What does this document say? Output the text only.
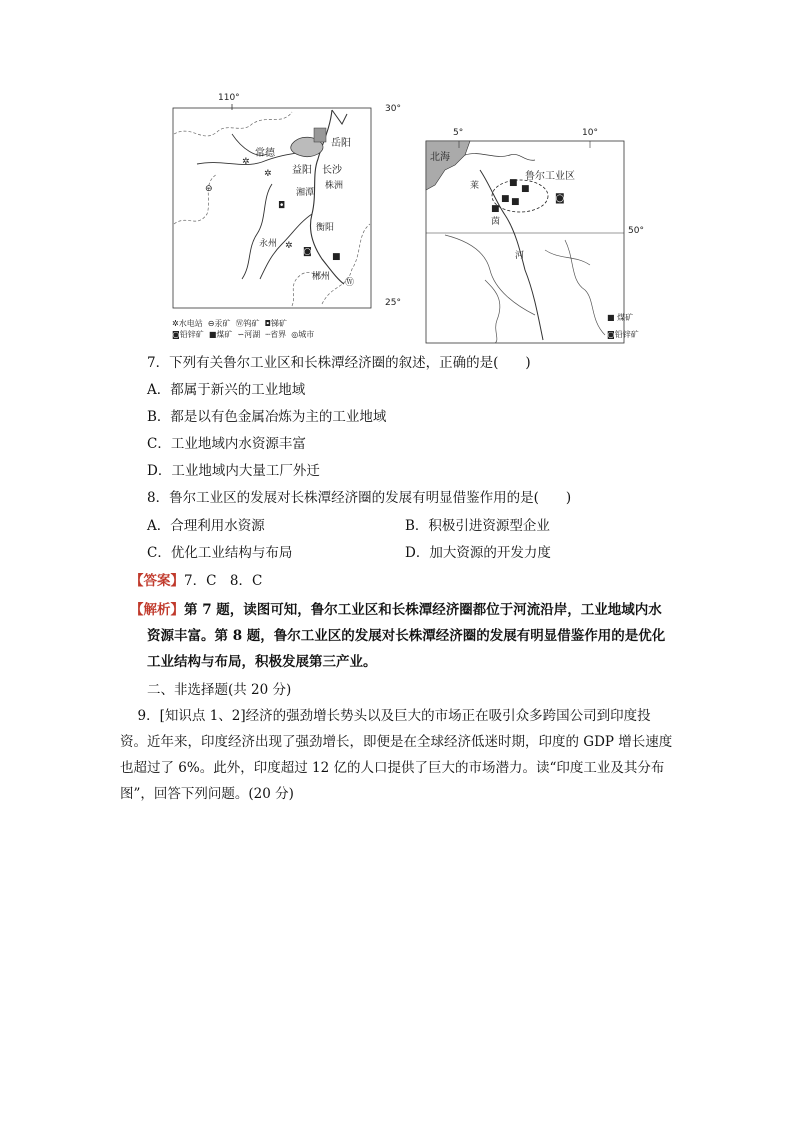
110°
30°
25°
岳阳
常德
益阳 长沙
株洲
湘潭
衡阳
永州
郴州
✲
✲
✲
⊖
◘
◙ ■
Ⓦ
✲水电站  ⊖汞矿  Ⓦ钨矿  ◘锑矿
◙铅锌矿  ■煤矿  ∽河湖  ┄省界  ◎城市
5°	10°
50°
北海
鲁尔工业区
莱
茵
河
■
■
■ ■
■
◙
■ 煤矿
◙铅锌矿
7．下列有关鲁尔工业区和长株潭经济圈的叙述，正确的是(　　)
A．都属于新兴的工业地域
B．都是以有色金属冶炼为主的工业地域
C．工业地域内水资源丰富
D．工业地域内大量工厂外迁
8．鲁尔工业区的发展对长株潭经济圈的发展有明显借鉴作用的是(　　)
A．合理利用水资源	B．积极引进资源型企业
C．优化工业结构与布局	D．加大资源的开发力度
【答案】7．C　8．C
【解析】第 7 题，读图可知，鲁尔工业区和长株潭经济圈都位于河流沿岸，工业地域内水资源丰富。第 8 题，鲁尔工业区的发展对长株潭经济圈的发展有明显借鉴作用的是优化工业结构与布局，积极发展第三产业。
二、非选择题(共 20 分)
9．[知识点 1、2]经济的强劲增长势头以及巨大的市场正在吸引众多跨国公司到印度投资。近年来，印度经济出现了强劲增长，即便是在全球经济低迷时期，印度的 GDP 增长速度也超过了 6%。此外，印度超过 12 亿的人口提供了巨大的市场潜力。读“印度工业及其分布图”，回答下列问题。(20 分)
